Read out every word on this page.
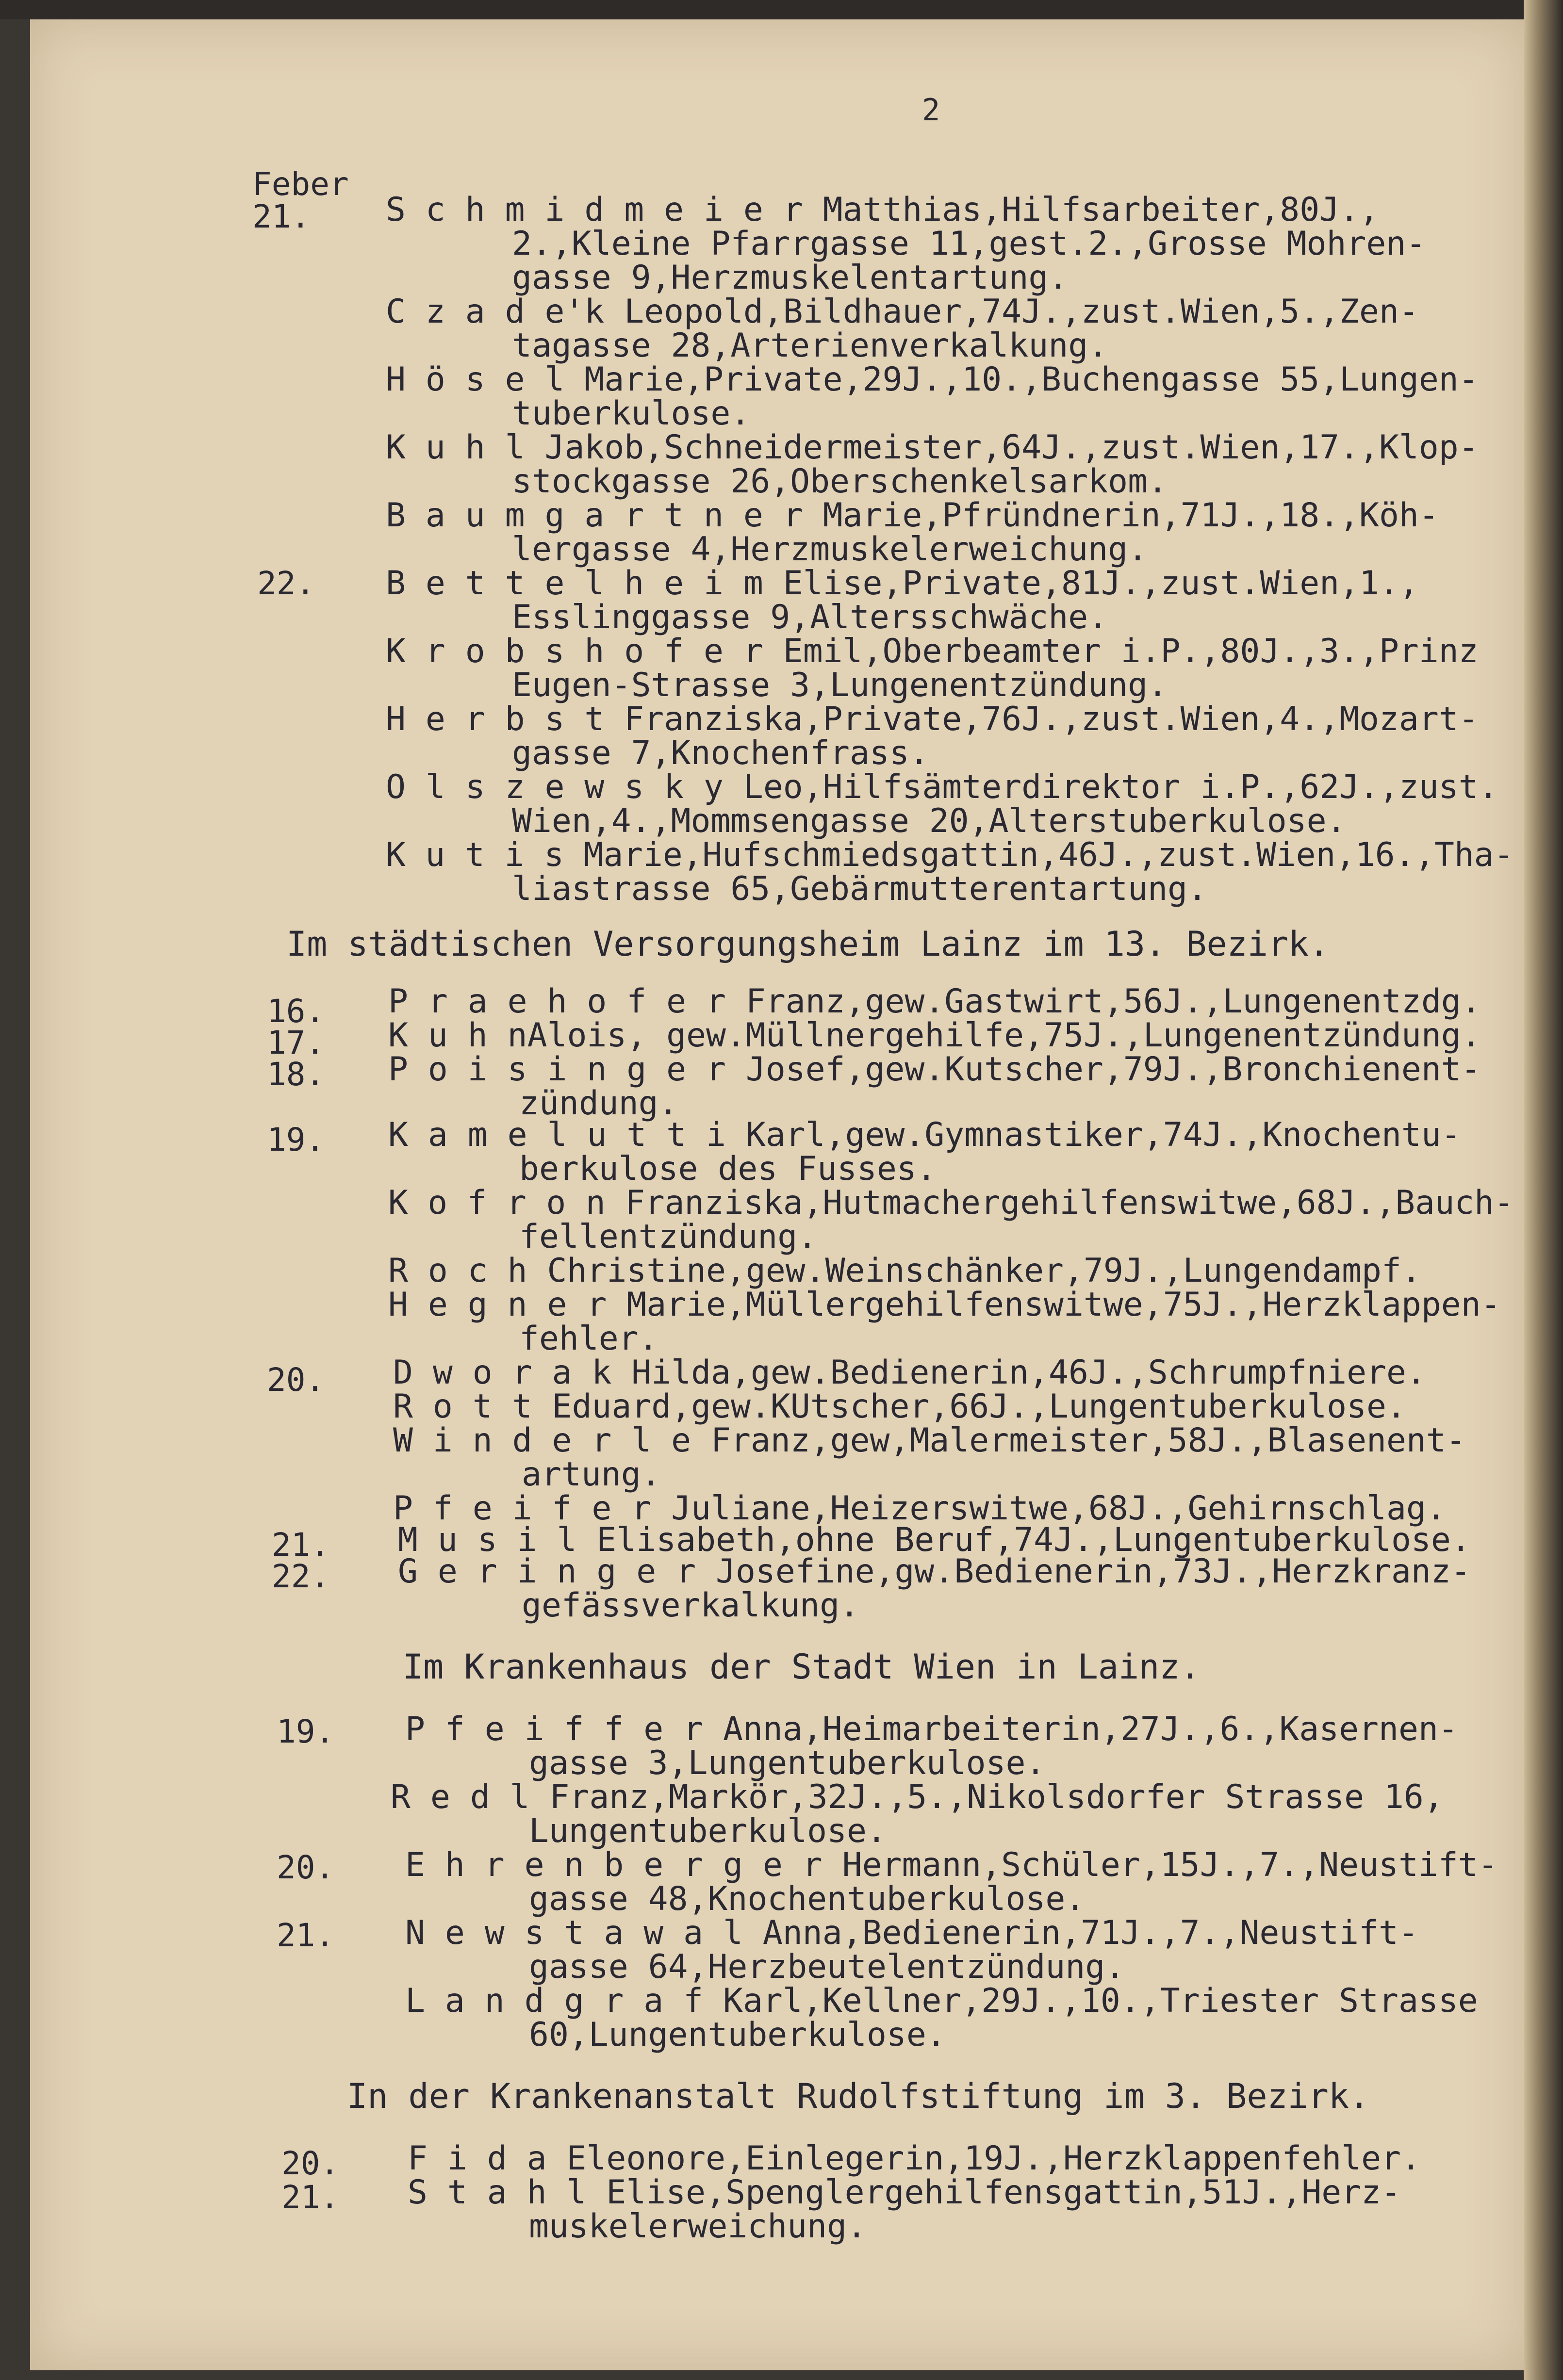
2
Feber
21. S c h m i d m e i e r Matthias,Hilfsarbeiter,80J.,
2.,Kleine Pfarrgasse 11,gest.2.,Grosse Mohren-
gasse 9,Herzmuskelentartung.
C z a d e'k Leopold,Bildhauer,74J.,zust.Wien,5.,Zen-
tagasse 28,Arterienverkalkung.
H ö s e l Marie,Private,29J.,10.,Buchengasse 55,Lungen-
tuberkulose.
K u h l Jakob,Schneidermeister,64J.,zust.Wien,17.,Klop-
stockgasse 26,Oberschenkelsarkom.
B a u m g a r t n e r Marie,Pfründnerin,71J.,18.,Köh-
lergasse 4,Herzmuskelerweichung.
22. B e t t e l h e i m Elise,Private,81J.,zust.Wien,1.,
Esslinggasse 9,Altersschwäche.
K r o b s h o f e r Emil,Oberbeamter i.P.,80J.,3.,Prinz
Eugen-Strasse 3,Lungenentzündung.
H e r b s t Franziska,Private,76J.,zust.Wien,4.,Mozart-
gasse 7,Knochenfrass.
O l s z e w s k y Leo,Hilfsämterdirektor i.P.,62J.,zust.
Wien,4.,Mommsengasse 20,Alterstuberkulose.
K u t i s Marie,Hufschmiedsgattin,46J.,zust.Wien,16.,Tha-
liastrasse 65,Gebärmutterentartung.
Im städtischen Versorgungsheim Lainz im 13. Bezirk.
16. P r a e h o f e r Franz,gew.Gastwirt,56J.,Lungenentzdg.
17. K u h nAlois, gew.Müllnergehilfe,75J.,Lungenentzündung.
18. P o i s i n g e r Josef,gew.Kutscher,79J.,Bronchienent-
zündung.
19. K a m e l u t t i Karl,gew.Gymnastiker,74J.,Knochentu-
berkulose des Fusses.
K o f r o n Franziska,Hutmachergehilfenswitwe,68J.,Bauch-
fellentzündung.
R o c h Christine,gew.Weinschänker,79J.,Lungendampf.
H e g n e r Marie,Müllergehilfenswitwe,75J.,Herzklappen-
fehler.
20. D w o r a k Hilda,gew.Bedienerin,46J.,Schrumpfniere.
R o t t Eduard,gew.KUtscher,66J.,Lungentuberkulose.
W i n d e r l e Franz,gew,Malermeister,58J.,Blasenent-
artung.
P f e i f e r Juliane,Heizerswitwe,68J.,Gehirnschlag.
21. M u s i l Elisabeth,ohne Beruf,74J.,Lungentuberkulose.
22. G e r i n g e r Josefine,gw.Bedienerin,73J.,Herzkranz-
gefässverkalkung.
Im Krankenhaus der Stadt Wien in Lainz.
19. P f e i f f e r Anna,Heimarbeiterin,27J.,6.,Kasernen-
gasse 3,Lungentuberkulose.
R e d l Franz,Markör,32J.,5.,Nikolsdorfer Strasse 16,
Lungentuberkulose.
20. E h r e n b e r g e r Hermann,Schüler,15J.,7.,Neustift-
gasse 48,Knochentuberkulose.
21. N e w s t a w a l Anna,Bedienerin,71J.,7.,Neustift-
gasse 64,Herzbeutelentzündung.
L a n d g r a f Karl,Kellner,29J.,10.,Triester Strasse
60,Lungentuberkulose.
In der Krankenanstalt Rudolfstiftung im 3. Bezirk.
20. F i d a Eleonore,Einlegerin,19J.,Herzklappenfehler.
21. S t a h l Elise,Spenglergehilfensgattin,51J.,Herz-
muskelerweichung.
